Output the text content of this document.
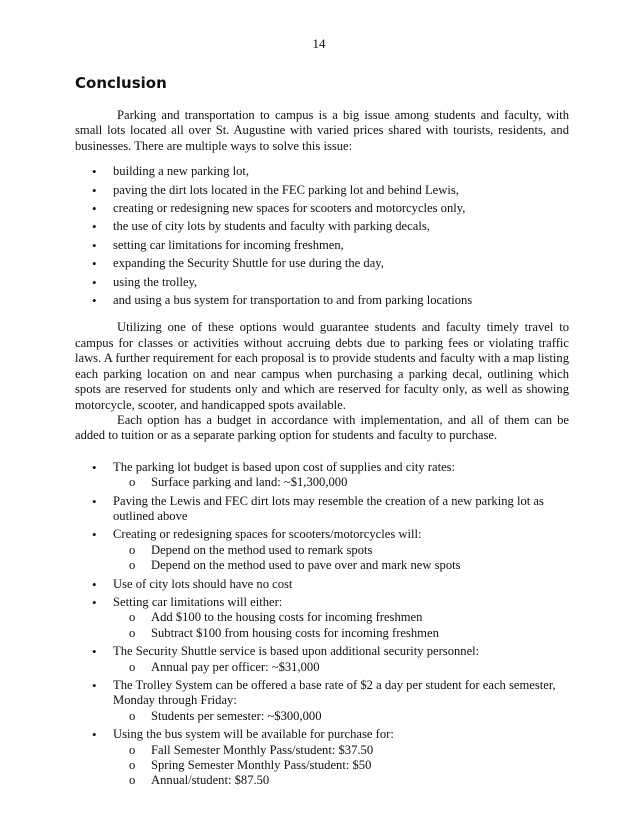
14
Conclusion

Parking and transportation to campus is a big issue among students and faculty, with small lots located all over St. Augustine with varied prices shared with tourists, residents, and businesses. There are multiple ways to solve this issue:

• building a new parking lot,
• paving the dirt lots located in the FEC parking lot and behind Lewis,
• creating or redesigning new spaces for scooters and motorcycles only,
• the use of city lots by students and faculty with parking decals,
• setting car limitations for incoming freshmen,
• expanding the Security Shuttle for use during the day,
• using the trolley,
• and using a bus system for transportation to and from parking locations

Utilizing one of these options would guarantee students and faculty timely travel to campus for classes or activities without accruing debts due to parking fees or violating traffic laws. A further requirement for each proposal is to provide students and faculty with a map listing each parking location on and near campus when purchasing a parking decal, outlining which spots are reserved for students only and which are reserved for faculty only, as well as showing motorcycle, scooter, and handicapped spots available.

Each option has a budget in accordance with implementation, and all of them can be added to tuition or as a separate parking option for students and faculty to purchase.

• The parking lot budget is based upon cost of supplies and city rates:
o Surface parking and land: ~$1,300,000
• Paving the Lewis and FEC dirt lots may resemble the creation of a new parking lot as outlined above
• Creating or redesigning spaces for scooters/motorcycles will:
o Depend on the method used to remark spots
o Depend on the method used to pave over and mark new spots
• Use of city lots should have no cost
• Setting car limitations will either:
o Add $100 to the housing costs for incoming freshmen
o Subtract $100 from housing costs for incoming freshmen
• The Security Shuttle service is based upon additional security personnel:
o Annual pay per officer: ~$31,000
• The Trolley System can be offered a base rate of $2 a day per student for each semester, Monday through Friday:
o Students per semester: ~$300,000
• Using the bus system will be available for purchase for:
o Fall Semester Monthly Pass/student: $37.50
o Spring Semester Monthly Pass/student: $50
o Annual/student: $87.50
